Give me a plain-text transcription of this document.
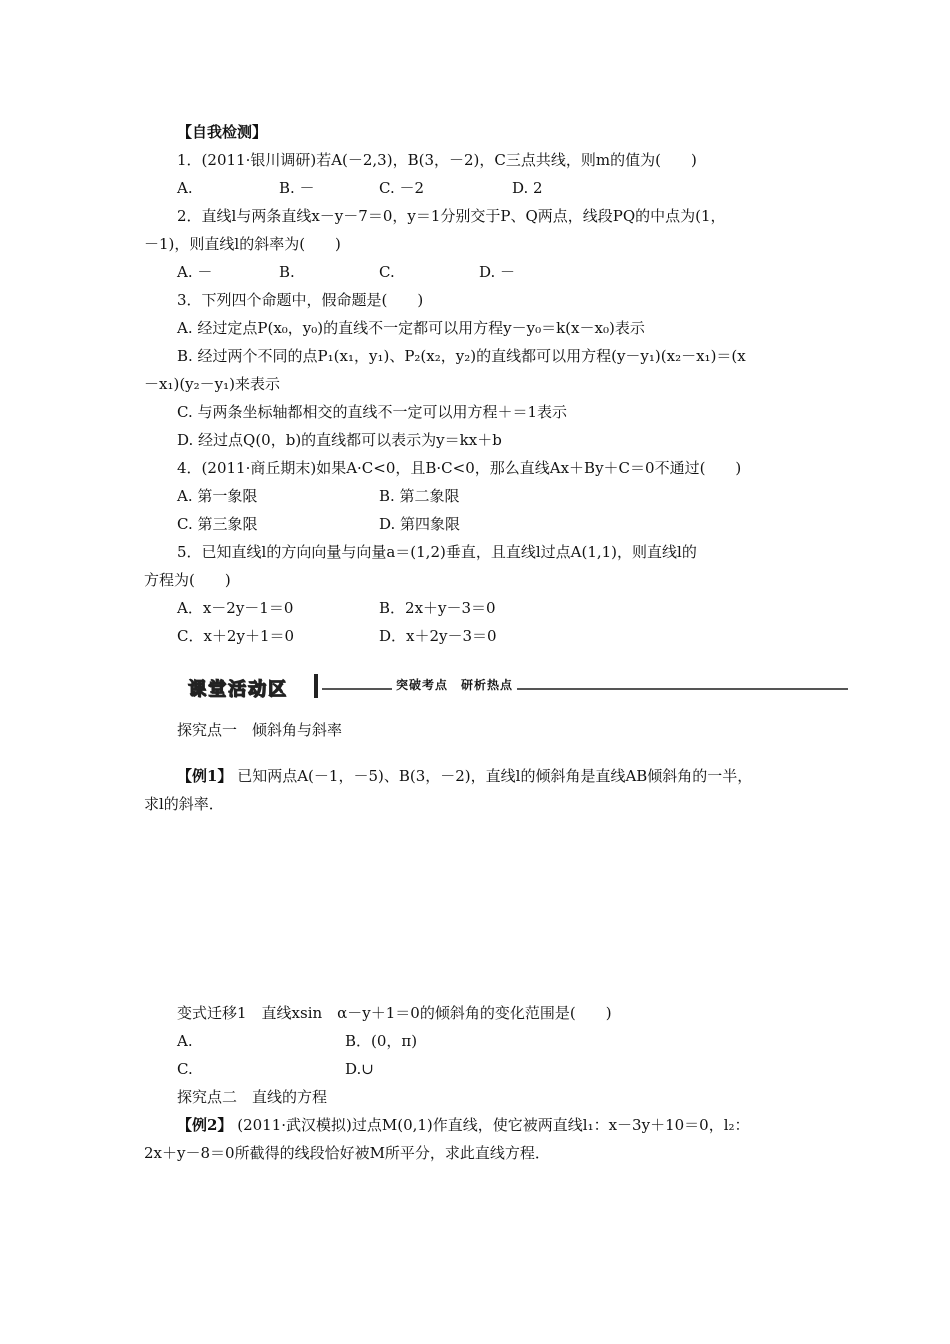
【自我检测】
1．(2011·银川调研)若A(－2,3)，B(3，－2)，C三点共线，则m的值为(　　)
A.	B. －	C. －2	D. 2
2．直线l与两条直线x－y－7＝0，y＝1分别交于P、Q两点，线段PQ的中点为(1，
－1)，则直线l的斜率为(　　)
A. －	B.	C.	D. －
3．下列四个命题中，假命题是(　　)
A. 经过定点P(x₀，y₀)的直线不一定都可以用方程y－y₀＝k(x－x₀)表示
B. 经过两个不同的点P₁(x₁，y₁)、P₂(x₂，y₂)的直线都可以用方程(y－y₁)(x₂－x₁)＝(x
－x₁)(y₂－y₁)来表示
C. 与两条坐标轴都相交的直线不一定可以用方程＋＝1表示
D. 经过点Q(0，b)的直线都可以表示为y＝kx＋b
4．(2011·商丘期末)如果A·C<0，且B·C<0，那么直线Ax＋By＋C＝0不通过(　　)
A. 第一象限	B. 第二象限
C. 第三象限	D. 第四象限
5．已知直线l的方向向量与向量a＝(1,2)垂直，且直线l过点A(1,1)，则直线l的
方程为(　　)
A．x－2y－1＝0	B．2x＋y－3＝0
C．x＋2y＋1＝0	D．x＋2y－3＝0
课堂活动区	突破考点　研析热点
探究点一　倾斜角与斜率
【例1】 已知两点A(－1，－5)、B(3，－2)，直线l的倾斜角是直线AB倾斜角的一半，
求l的斜率．
变式迁移1　直线xsin　α－y＋1＝0的倾斜角的变化范围是(　　)
A.	B．(0，π)
C.	D.∪
探究点二　直线的方程
【例2】 (2011·武汉模拟)过点M(0,1)作直线，使它被两直线l₁：x－3y＋10＝0，l₂：
2x＋y－8＝0所截得的线段恰好被M所平分，求此直线方程．
